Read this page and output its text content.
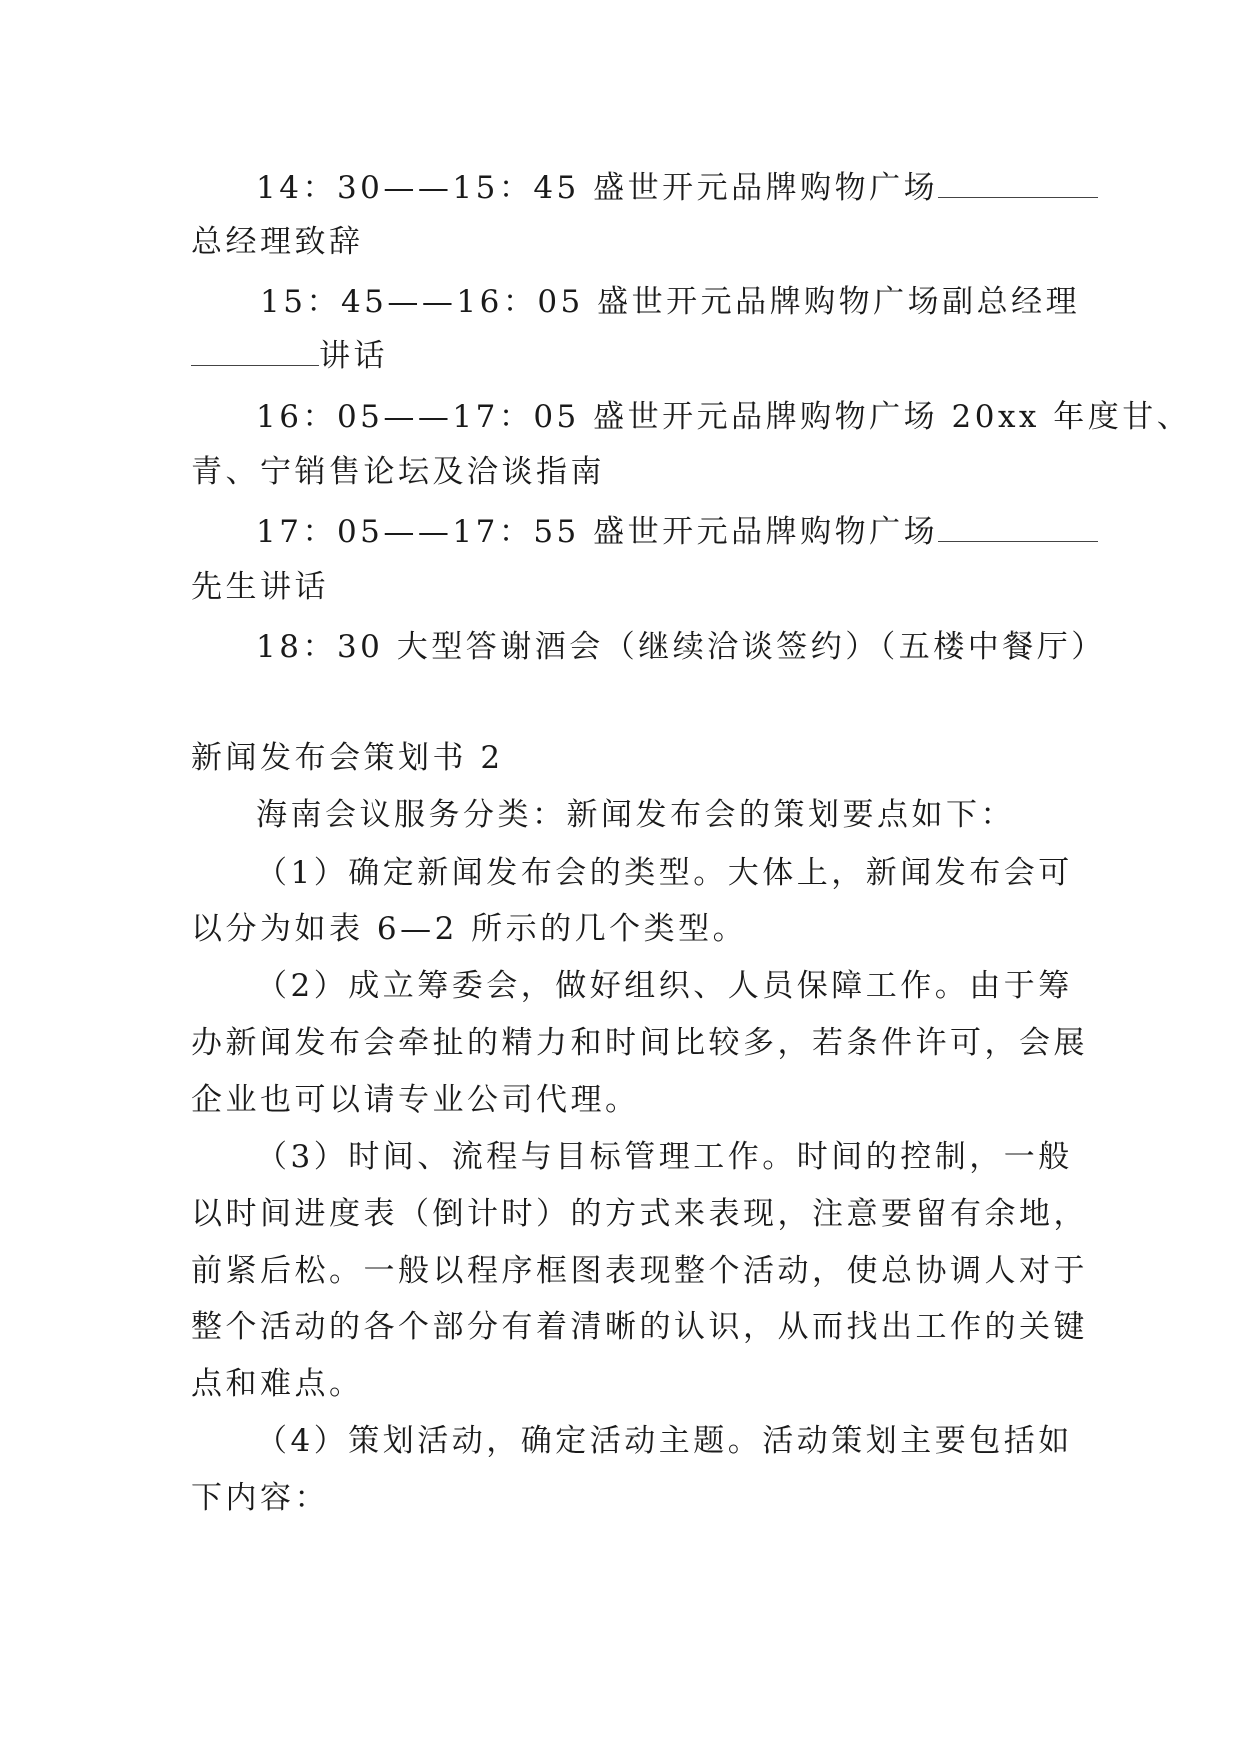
14：30——15：45 盛世开元品牌购物广场
总经理致辞
15：45——16：05 盛世开元品牌购物广场副总经理
讲话
16：05——17：05 盛世开元品牌购物广场 20xx 年度甘、
青、宁销售论坛及洽谈指南
17：05——17：55 盛世开元品牌购物广场
先生讲话
18：30 大型答谢酒会（继续洽谈签约）（五楼中餐厅）
新闻发布会策划书 2
海南会议服务分类：新闻发布会的策划要点如下：
（1）确定新闻发布会的类型。大体上，新闻发布会可
以分为如表 6—2 所示的几个类型。
（2）成立筹委会，做好组织、人员保障工作。由于筹
办新闻发布会牵扯的精力和时间比较多，若条件许可，会展
企业也可以请专业公司代理。
（3）时间、流程与目标管理工作。时间的控制，一般
以时间进度表（倒计时）的方式来表现，注意要留有余地，
前紧后松。一般以程序框图表现整个活动，使总协调人对于
整个活动的各个部分有着清晰的认识，从而找出工作的关键
点和难点。
（4）策划活动，确定活动主题。活动策划主要包括如
下内容：
